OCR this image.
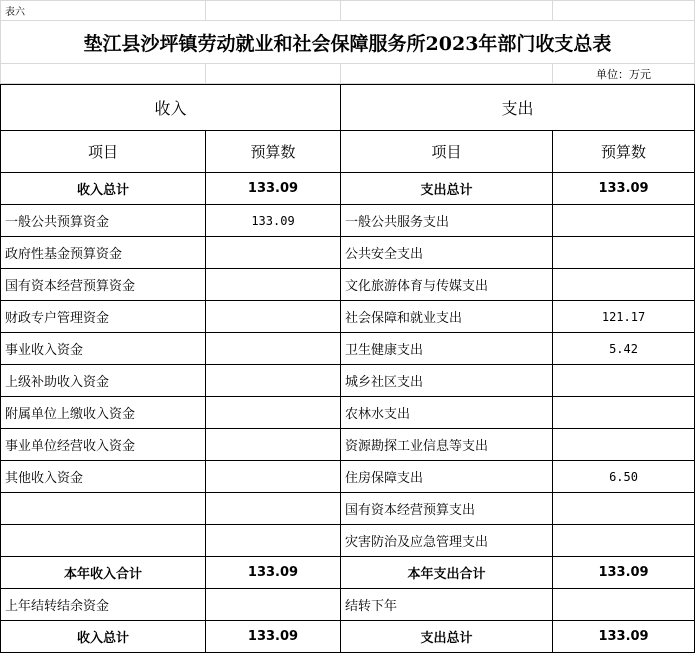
表六			
垫江县沙坪镇劳动就业和社会保障服务所2023年部门收支总表			
			单位：万元
收入		支出	
项目	预算数	项目	预算数
收入总计	133.09	支出总计	133.09
一般公共预算资金	133.09	一般公共服务支出	
政府性基金预算资金		公共安全支出	
国有资本经营预算资金		文化旅游体育与传媒支出	
财政专户管理资金		社会保障和就业支出	121.17
事业收入资金		卫生健康支出	5.42
上级补助收入资金		城乡社区支出	
附属单位上缴收入资金		农林水支出	
事业单位经营收入资金		资源勘探工业信息等支出	
其他收入资金		住房保障支出	6.50
		国有资本经营预算支出	
		灾害防治及应急管理支出	
本年收入合计	133.09	本年支出合计	133.09
上年结转结余资金		结转下年	
收入总计	133.09	支出总计	133.09
